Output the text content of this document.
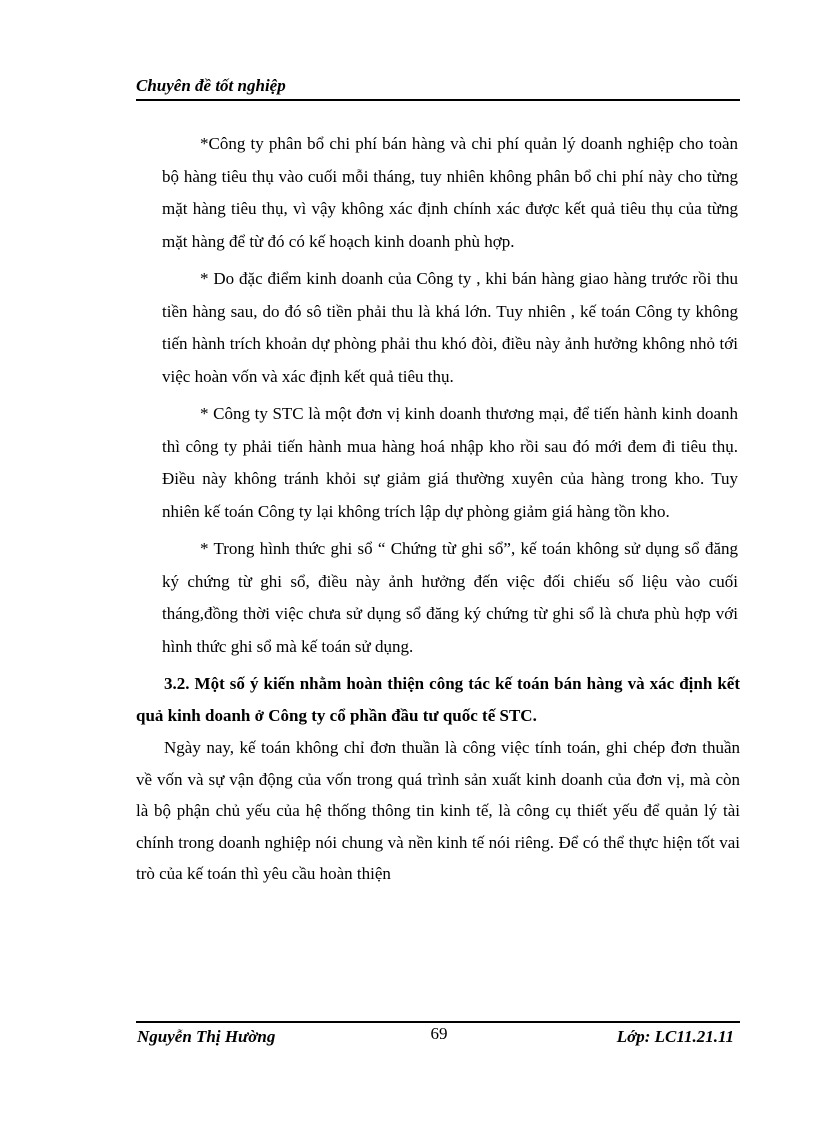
Chuyên đề tốt nghiệp

*Công ty phân bổ chi phí bán hàng và chi phí quản lý doanh nghiệp cho toàn bộ hàng tiêu thụ vào cuối mỗi tháng, tuy nhiên không phân bổ chi phí này cho từng mặt hàng tiêu thụ, vì vậy không xác định chính xác được kết quả tiêu thụ của từng mặt hàng để từ đó có kế hoạch kinh doanh phù hợp.

* Do đặc điểm kinh doanh của Công ty , khi bán hàng giao hàng trước rồi thu tiền hàng sau, do đó sô tiền phải thu là khá lớn. Tuy nhiên , kế toán Công ty không tiến hành trích khoản dự phòng phải thu khó đòi, điều này ảnh hưởng không nhỏ tới việc hoàn vốn và xác định kết quả tiêu thụ.

* Công ty STC là một đơn vị kinh doanh thương mại, để tiến hành kinh doanh thì công ty phải tiến hành mua hàng hoá nhập kho rồi sau đó mới đem đi tiêu thụ. Điều này không tránh khỏi sự giảm giá thường xuyên của hàng trong kho. Tuy nhiên kế toán Công ty lại không trích lập dự phòng giảm giá hàng tồn kho.

* Trong hình thức ghi sổ “ Chứng từ ghi sổ”, kế toán không sử dụng sổ đăng ký chứng từ ghi sổ, điều này ảnh hưởng đến việc đối chiếu số liệu vào cuối tháng,đồng thời việc chưa sử dụng sổ đăng ký chứng từ ghi sổ là chưa phù hợp với hình thức ghi sổ mà kế toán sử dụng.

3.2. Một số ý kiến nhằm hoàn thiện công tác kế toán bán hàng và xác định kết quả kinh doanh ở Công ty cổ phần đầu tư quốc tế STC.

Ngày nay, kế toán không chỉ đơn thuần là công việc tính toán, ghi chép đơn thuần về vốn và sự vận động của vốn trong quá trình sản xuất kinh doanh của đơn vị, mà còn là bộ phận chủ yếu của hệ thống thông tin kinh tế, là công cụ thiết yếu để quản lý tài chính trong doanh nghiệp nói chung và nền kinh tế nói riêng. Để có thể thực hiện tốt vai trò của kế toán thì yêu cầu hoàn thiện

Nguyễn Thị Hường	69	Lớp: LC11.21.11
